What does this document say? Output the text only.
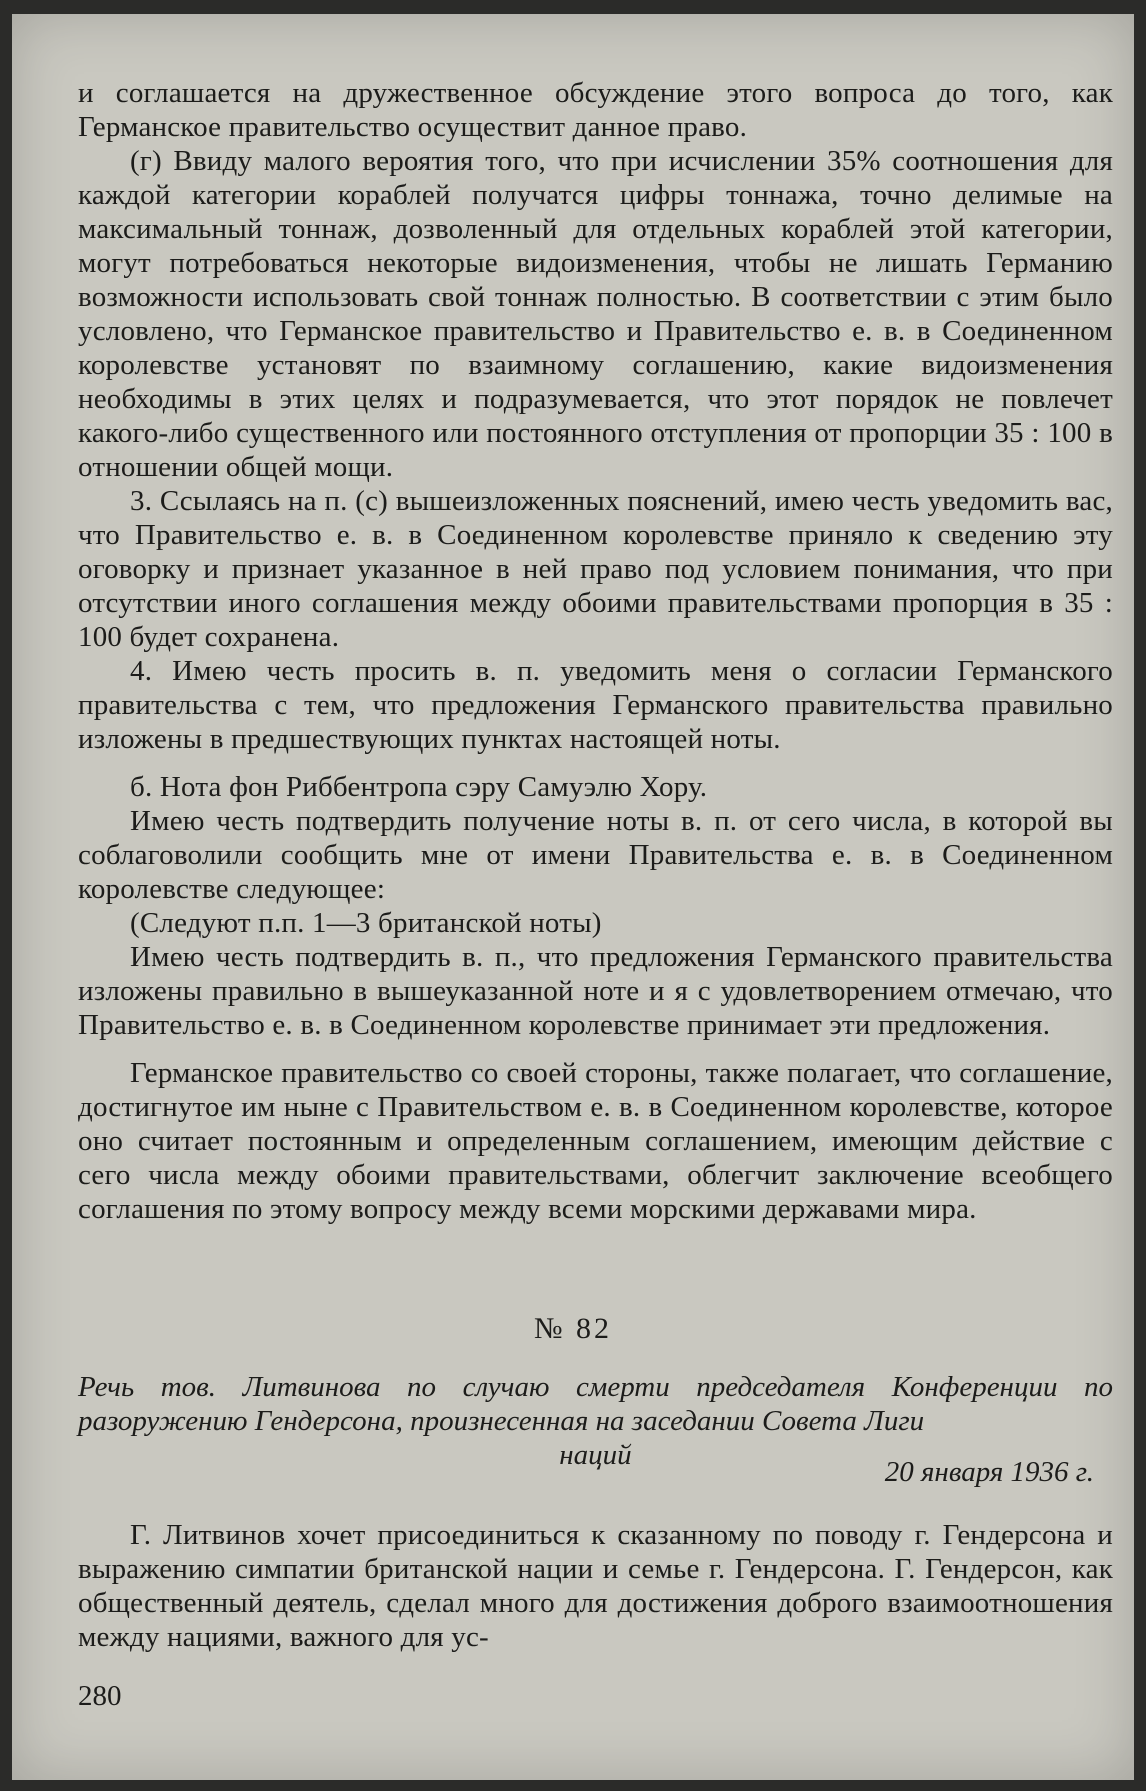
и соглашается на дружественное обсуждение этого вопроса до того, как Германское правительство осуществит данное право.

(г) Ввиду малого вероятия того, что при исчислении 35% соотношения для каждой категории кораблей получатся цифры тоннажа, точно делимые на максимальный тоннаж, дозволенный для отдельных кораблей этой категории, могут потребоваться некоторые видоизменения, чтобы не лишать Германию возможности использовать свой тоннаж полностью. В соответствии с этим было условлено, что Германское правительство и Правительство е. в. в Соединенном королевстве установят по взаимному соглашению, какие видоизменения необходимы в этих целях и подразумевается, что этот порядок не повлечет какого-либо существенного или постоянного отступления от пропорции 35 : 100 в отношении общей мощи.

3. Ссылаясь на п. (с) вышеизложенных пояснений, имею честь уведомить вас, что Правительство е. в. в Соединенном королевстве приняло к сведению эту оговорку и признает указанное в ней право под условием понимания, что при отсутствии иного соглашения между обоими правительствами пропорция в 35 : 100 будет сохранена.

4. Имею честь просить в. п. уведомить меня о согласии Германского правительства с тем, что предложения Германского правительства правильно изложены в предшествующих пунктах настоящей ноты.

б. Нота фон Риббентропа сэру Самуэлю Хору.

Имею честь подтвердить получение ноты в. п. от сего числа, в которой вы соблаговолили сообщить мне от имени Правительства е. в. в Соединенном королевстве следующее:

(Следуют п.п. 1—3 британской ноты)

Имею честь подтвердить в. п., что предложения Германского правительства изложены правильно в вышеуказанной ноте и я с удовлетворением отмечаю, что Правительство е. в. в Соединенном королевстве принимает эти предложения.

Германское правительство со своей стороны, также полагает, что соглашение, достигнутое им ныне с Правительством е. в. в Соединенном королевстве, которое оно считает постоянным и определенным соглашением, имеющим действие с сего числа между обоими правительствами, облегчит заключение всеобщего соглашения по этому вопросу между всеми морскими державами мира.

№ 82
Речь тов. Литвинова по случаю смерти председателя Конференции по разоружению Гендерсона, произнесенная на заседании Совета Лиги
наций
20 января 1936 г.

Г. Литвинов хочет присоединиться к сказанному по поводу г. Гендерсона и выражению симпатии британской нации и семье г. Гендерсона. Г. Гендерсон, как общественный деятель, сделал много для достижения доброго взаимоотношения между нациями, важного для ус-

280
